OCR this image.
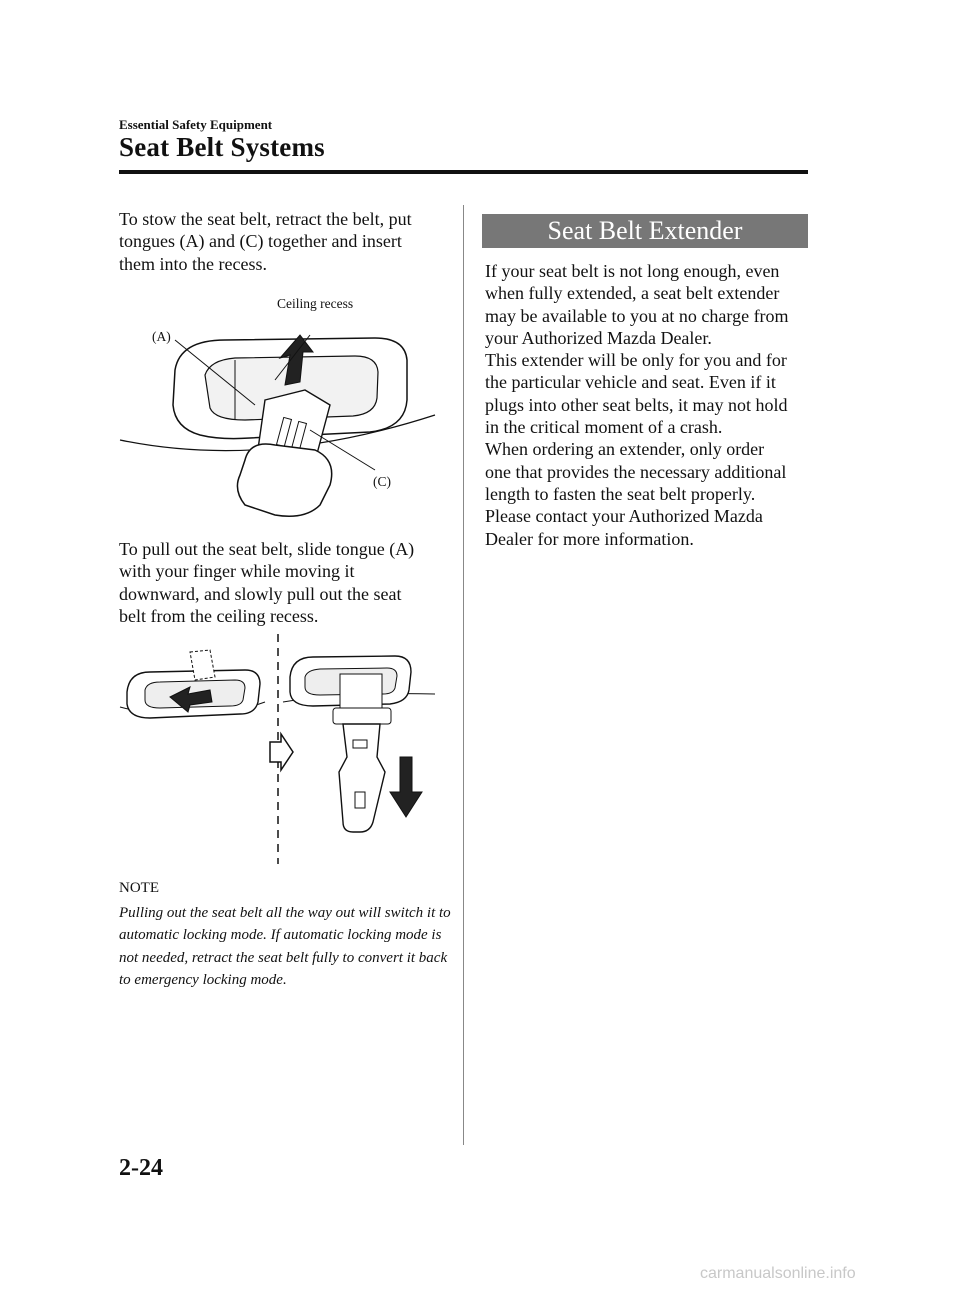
Essential Safety Equipment
Seat Belt Systems
To stow the seat belt, retract the belt, put
tongues (A) and (C) together and insert
them into the recess.
Ceiling recess
(A)
(C)
To pull out the seat belt, slide tongue (A)
with your finger while moving it
downward, and slowly pull out the seat
belt from the ceiling recess.
NOTE
Pulling out the seat belt all the way out will switch it to automatic locking mode. If automatic locking mode is not needed, retract the seat belt fully to convert it back to emergency locking mode.
Seat Belt Extender
If your seat belt is not long enough, even
when fully extended, a seat belt extender
may be available to you at no charge from
your Authorized Mazda Dealer.
This extender will be only for you and for
the particular vehicle and seat. Even if it
plugs into other seat belts, it may not hold
in the critical moment of a crash.
When ordering an extender, only order
one that provides the necessary additional
length to fasten the seat belt properly.
Please contact your Authorized Mazda
Dealer for more information.
2-24
carmanualsonline.info
